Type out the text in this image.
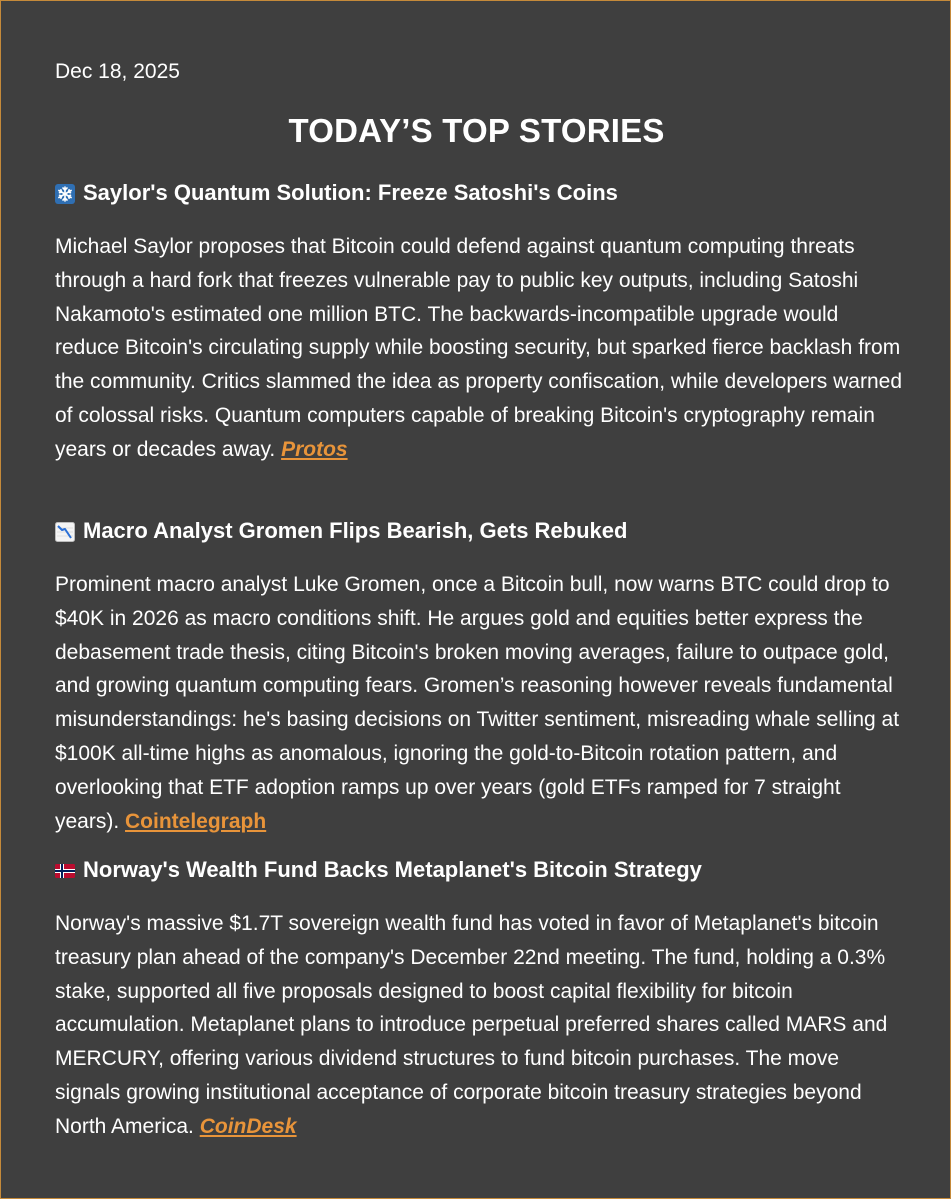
Dec 18, 2025
TODAY’S TOP STORIES
Saylor's Quantum Solution: Freeze Satoshi's Coins
Michael Saylor proposes that Bitcoin could defend against quantum computing threats through a hard fork that freezes vulnerable pay to public key outputs, including Satoshi Nakamoto's estimated one million BTC. The backwards-incompatible upgrade would reduce Bitcoin's circulating supply while boosting security, but sparked fierce backlash from the community. Critics slammed the idea as property confiscation, while developers warned of colossal risks. Quantum computers capable of breaking Bitcoin's cryptography remain years or decades away. Protos
Macro Analyst Gromen Flips Bearish, Gets Rebuked
Prominent macro analyst Luke Gromen, once a Bitcoin bull, now warns BTC could drop to $40K in 2026 as macro conditions shift. He argues gold and equities better express the debasement trade thesis, citing Bitcoin's broken moving averages, failure to outpace gold, and growing quantum computing fears. Gromen’s reasoning however reveals fundamental misunderstandings: he's basing decisions on Twitter sentiment, misreading whale selling at $100K all-time highs as anomalous, ignoring the gold-to-Bitcoin rotation pattern, and overlooking that ETF adoption ramps up over years (gold ETFs ramped for 7 straight years). Cointelegraph
Norway's Wealth Fund Backs Metaplanet's Bitcoin Strategy
Norway's massive $1.7T sovereign wealth fund has voted in favor of Metaplanet's bitcoin treasury plan ahead of the company's December 22nd meeting. The fund, holding a 0.3% stake, supported all five proposals designed to boost capital flexibility for bitcoin accumulation. Metaplanet plans to introduce perpetual preferred shares called MARS and MERCURY, offering various dividend structures to fund bitcoin purchases. The move signals growing institutional acceptance of corporate bitcoin treasury strategies beyond North America. CoinDesk
